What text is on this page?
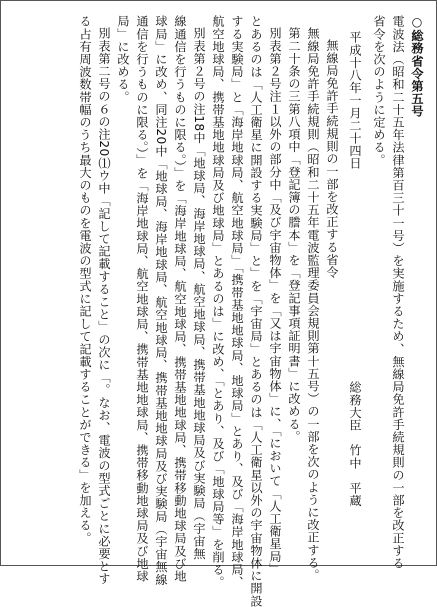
○総務省令第五号
電波法（昭和二十五年法律第百三十一号）を実施するため、無線局免許手続規則の一部を改正する
省令を次のように定める。
平成十八年一月二十四日
総務大臣　竹中　平蔵
無線局免許手続規則の一部を改正する省令
無線局免許手続規則（昭和二十五年電波監理委員会規則第十五号）の一部を次のように改正する。
第二十条の三第八項中「登記簿の謄本」を「登記事項証明書」に改める。
別表第２号注１以外の部分中「及び宇宙物体」を「又は宇宙物体」に、「において「人工衛星局」
とあるのは「人工衛星に開設する実験局」と」を「宇宙局」とあるのは「人工衛星以外の宇宙物体に開設
する実験局」と「海岸地球局、航空地球局」「携帯基地地球局、地球局」とあり、及び「海岸地球局、
航空地球局、携帯基地地球局及び地球局」とあるのは」に改め、「とあり、及び「地球局等」を削る。
別表第２号の注18中「地球局、海岸地球局、航空地球局、携帯基地地球局及び実験局（宇宙無
線通信を行うものに限る。）」を「海岸地球局、航空地球局、携帯基地地球局、携帯移動地球局及び地
球局」に改め、同注20中「地球局、海岸地球局、航空地球局、携帯基地地球局及び実験局（宇宙無線
通信を行うものに限る。）」を「海岸地球局、航空地球局、携帯基地地球局、携帯移動地球局及び地球
局」に改める。
別表第二号の６の注20⑴ウ中「記して記載すること」の次に「。なお、電波の型式ごとに必要とす
る占有周波数帯幅のうち最大のものを電波の型式に記して記載することができる」を加える。
